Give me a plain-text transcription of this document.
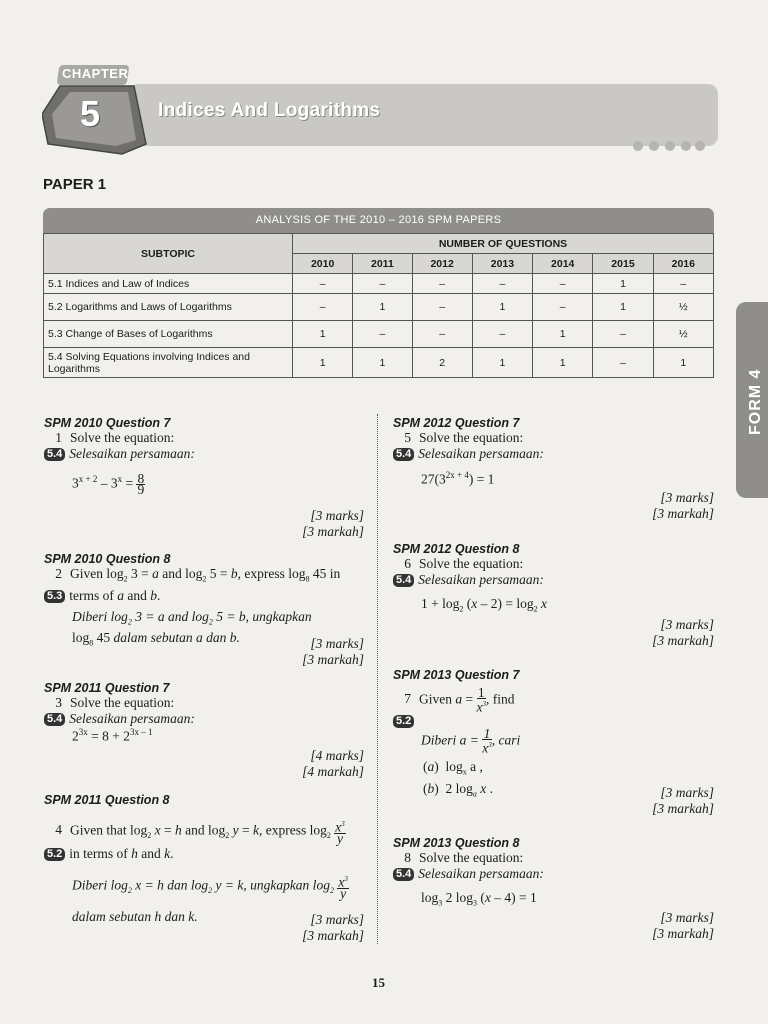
CHAPTER
5	Indices And Logarithms
FORM 4
PAPER 1
ANALYSIS OF THE 2010 – 2016 SPM PAPERS
SUBTOPIC	NUMBER OF QUESTIONS						
	2010	2011	2012	2013	2014	2015	2016
5.1 Indices and Law of Indices	–	–	–	–	–	1	–
5.2 Logarithms and Laws of Logarithms	–	1	–	1	–	1	½
5.3 Change of Bases of Logarithms	1	–	–	–	1	–	½
5.4 Solving Equations involving Indices and Logarithms	1	1	2	1	1	–	1
SPM 2010 Question 7
1 Solve the equation:
5.4 Selesaikan persamaan:
$3^{x + 2} - 3^x = \frac{8}{9}$
[3 marks]
[3 markah]
SPM 2010 Question 8
2 Given $\log_2 3 = a$ and $\log_2 5 = b$, express $\log_8 45$ in
5.3 terms of a and b.
Diberi $\log_2 3 = a$ and $\log_2 5 = b$, ungkapkan
$\log_8 45$ dalam sebutan a dan b.	[3 marks]
[3 markah]
SPM 2011 Question 7
3 Solve the equation:
5.4 Selesaikan persamaan:
$2^{3x} = 8 + 2^{3x - 1}$
[4 marks]
[4 markah]
SPM 2011 Question 8
4 Given that $\log_2 x = h$ and $\log_2 y = k$, express $\log_2 \frac{x^3}{y}$
5.2 in terms of h and k.
Diberi $\log_2 x = h$ dan $\log_2 y = k$, ungkapkan $\log_2 \frac{x^3}{y}$
dalam sebutan h dan k.	[3 marks]
[3 markah]
SPM 2012 Question 7
5 Solve the equation:
5.4 Selesaikan persamaan:
$27(3^{2x + 4}) = 1$
[3 marks]
[3 markah]
SPM 2012 Question 8
6 Solve the equation:
5.4 Selesaikan persamaan:
$1 + \log_2 (x - 2) = \log_2 x$
[3 marks]
[3 markah]
SPM 2013 Question 7
7 Given $a = \frac{1}{x^3}$ , find
5.2
Diberi $a = \frac{1}{x^3}$ , cari
(a)  $\log_x a$ ,
(b)  2 $\log_a x$ .	[3 marks]
[3 markah]
SPM 2013 Question 8
8 Solve the equation:
5.4 Selesaikan persamaan:
$\log_3 2$ $\log_3 (x - 4) = 1$
[3 marks]
[3 markah]
15
